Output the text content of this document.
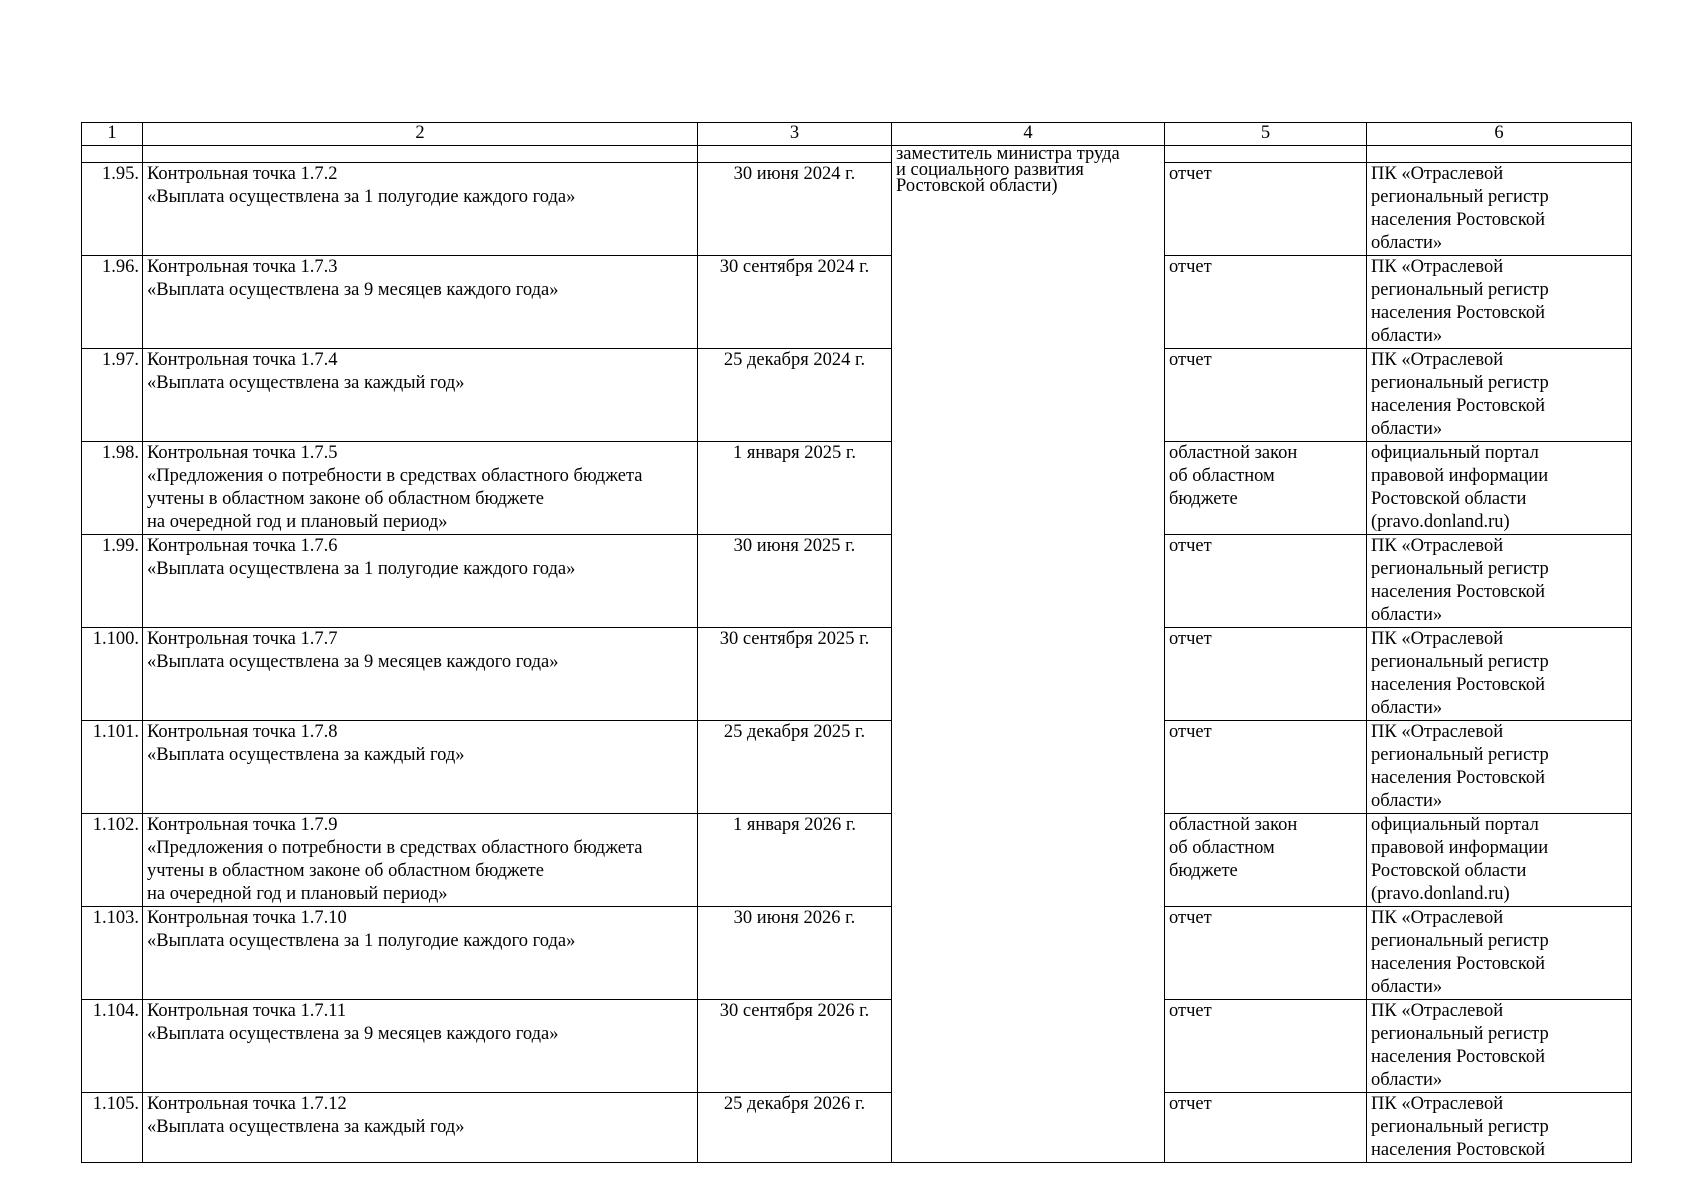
1	2	3	4	5	6

			заместитель министра труда
и социального развития
Ростовской области)		

1.95.	Контрольная точка 1.7.2
«Выплата осуществлена за 1 полугодие каждого года»	30 июня 2024 г.		отчет	ПК «Отраслевой
региональный регистр
населения Ростовской
области»

1.96.	Контрольная точка 1.7.3
«Выплата осуществлена за 9 месяцев каждого года»	30 сентября 2024 г.		отчет	ПК «Отраслевой
региональный регистр
населения Ростовской
области»

1.97.	Контрольная точка 1.7.4
«Выплата осуществлена за каждый год»	25 декабря 2024 г.		отчет	ПК «Отраслевой
региональный регистр
населения Ростовской
области»

1.98.	Контрольная точка 1.7.5
«Предложения о потребности в средствах областного бюджета
учтены в областном законе об областном бюджете
на очередной год и плановый период»	1 января 2025 г.		областной закон
об областном
бюджете	официальный портал
правовой информации
Ростовской области
(pravo.donland.ru)

1.99.	Контрольная точка 1.7.6
«Выплата осуществлена за 1 полугодие каждого года»	30 июня 2025 г.		отчет	ПК «Отраслевой
региональный регистр
населения Ростовской
области»

1.100.	Контрольная точка 1.7.7
«Выплата осуществлена за 9 месяцев каждого года»	30 сентября 2025 г.		отчет	ПК «Отраслевой
региональный регистр
населения Ростовской
области»

1.101.	Контрольная точка 1.7.8
«Выплата осуществлена за каждый год»	25 декабря 2025 г.		отчет	ПК «Отраслевой
региональный регистр
населения Ростовской
области»

1.102.	Контрольная точка 1.7.9
«Предложения о потребности в средствах областного бюджета
учтены в областном законе об областном бюджете
на очередной год и плановый период»	1 января 2026 г.		областной закон
об областном
бюджете	официальный портал
правовой информации
Ростовской области
(pravo.donland.ru)

1.103.	Контрольная точка 1.7.10
«Выплата осуществлена за 1 полугодие каждого года»	30 июня 2026 г.		отчет	ПК «Отраслевой
региональный регистр
населения Ростовской
области»

1.104.	Контрольная точка 1.7.11
«Выплата осуществлена за 9 месяцев каждого года»	30 сентября 2026 г.		отчет	ПК «Отраслевой
региональный регистр
населения Ростовской
области»

1.105.	Контрольная точка 1.7.12
«Выплата осуществлена за каждый год»	25 декабря 2026 г.		отчет	ПК «Отраслевой
региональный регистр
населения Ростовской
